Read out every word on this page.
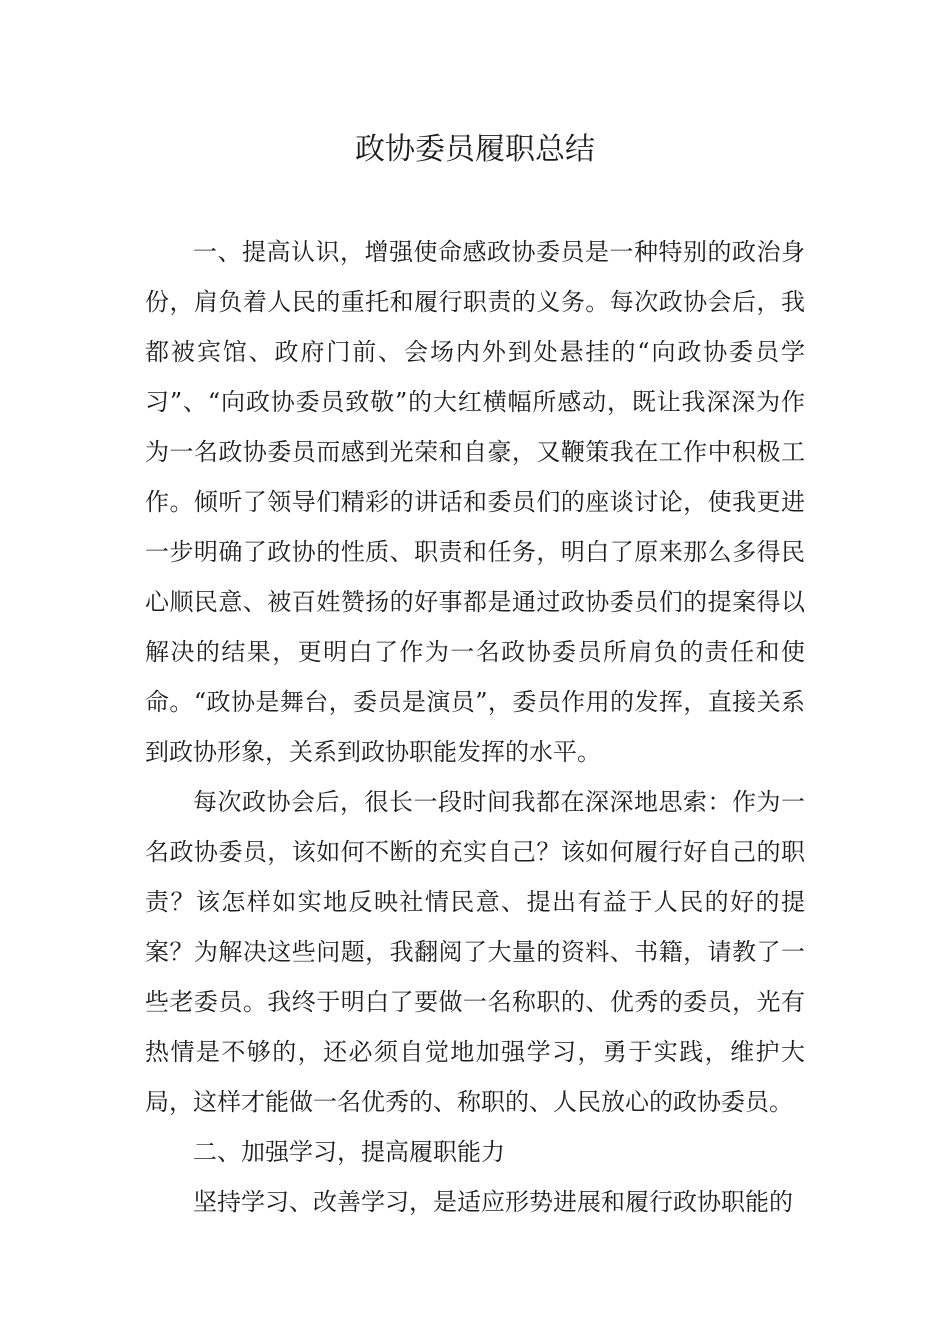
政协委员履职总结

一、提高认识，增强使命感政协委员是一种特别的政治身份，肩负着人民的重托和履行职责的义务。每次政协会后，我都被宾馆、政府门前、会场内外到处悬挂的“向政协委员学习”、“向政协委员致敬”的大红横幅所感动，既让我深深为作为一名政协委员而感到光荣和自豪，又鞭策我在工作中积极工作。倾听了领导们精彩的讲话和委员们的座谈讨论，使我更进一步明确了政协的性质、职责和任务，明白了原来那么多得民心顺民意、被百姓赞扬的好事都是通过政协委员们的提案得以解决的结果，更明白了作为一名政协委员所肩负的责任和使命。“政协是舞台，委员是演员”，委员作用的发挥，直接关系到政协形象，关系到政协职能发挥的水平。

每次政协会后，很长一段时间我都在深深地思索：作为一名政协委员，该如何不断的充实自己？该如何履行好自己的职责？该怎样如实地反映社情民意、提出有益于人民的好的提案？为解决这些问题，我翻阅了大量的资料、书籍，请教了一些老委员。我终于明白了要做一名称职的、优秀的委员，光有热情是不够的，还必须自觉地加强学习，勇于实践，维护大局，这样才能做一名优秀的、称职的、人民放心的政协委员。

二、加强学习，提高履职能力

坚持学习、改善学习，是适应形势进展和履行政协职能的
